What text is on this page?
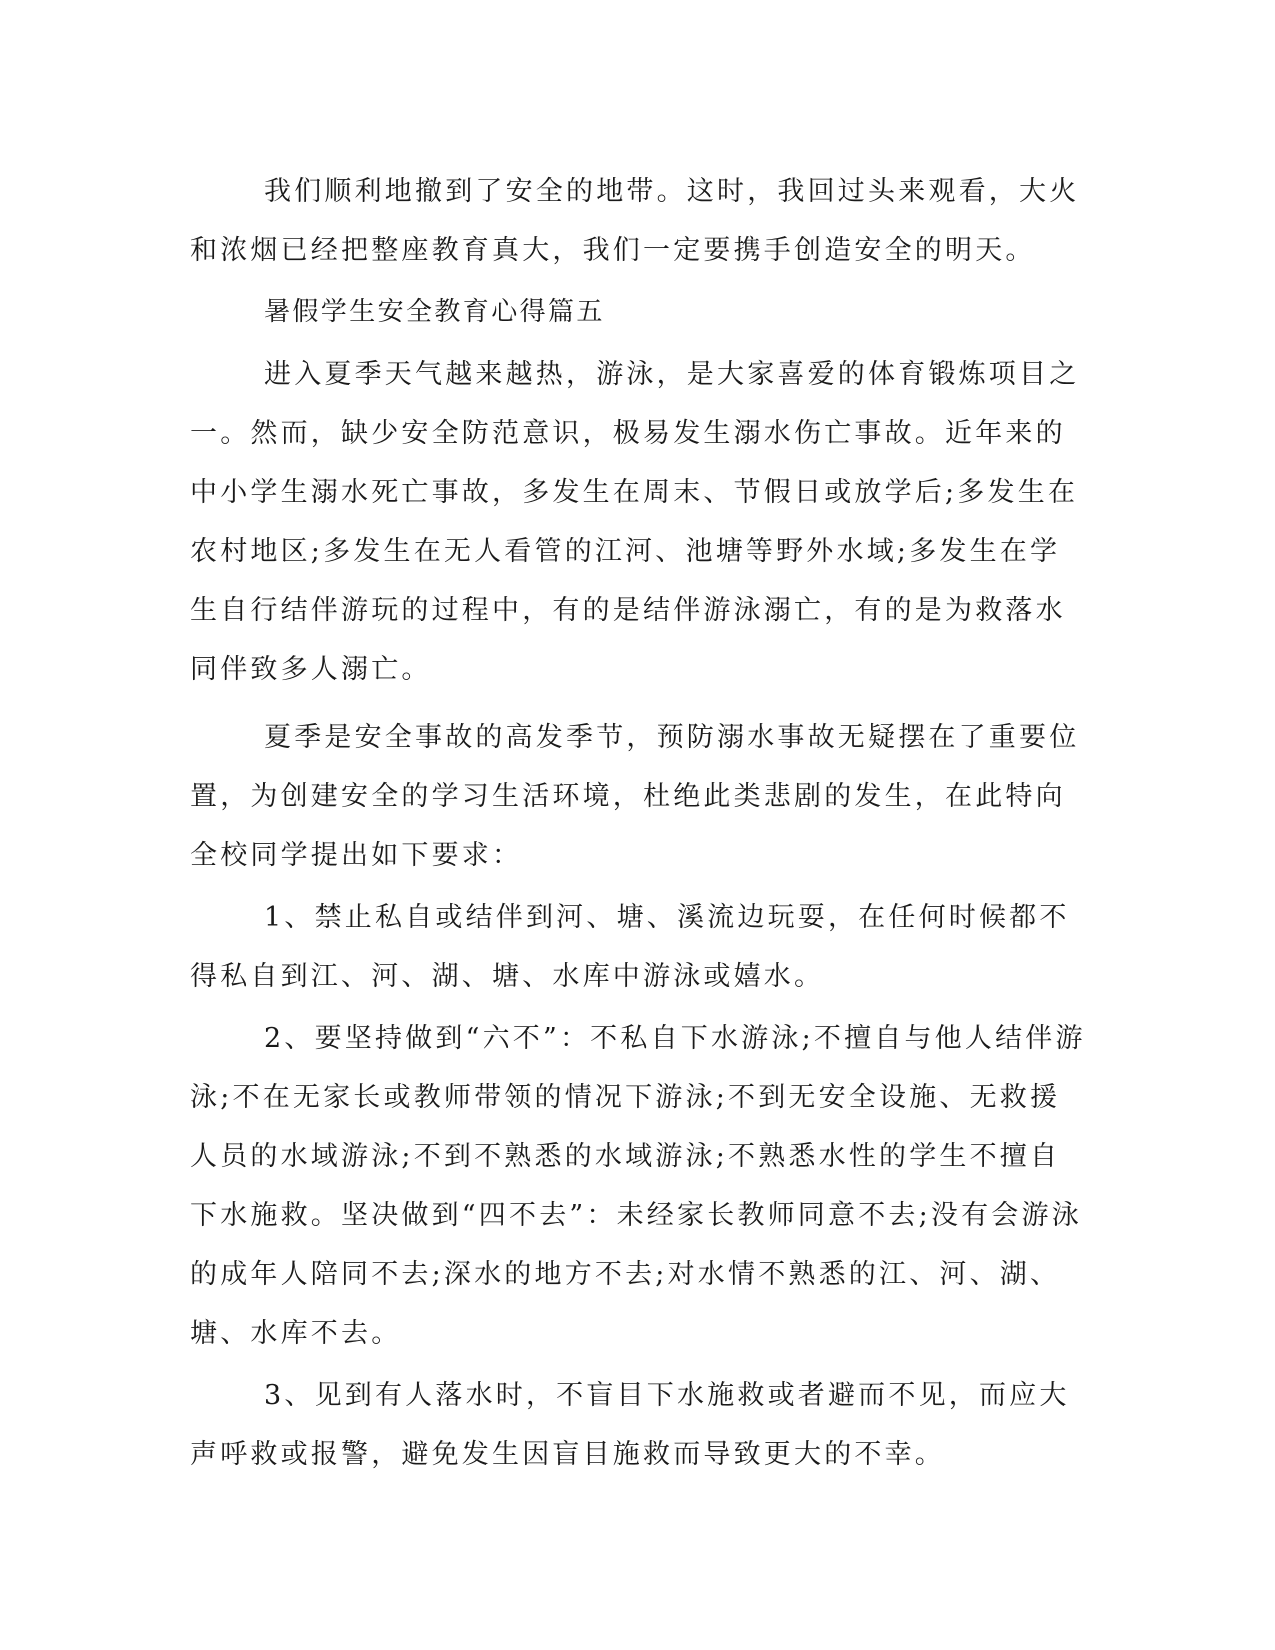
我们顺利地撤到了安全的地带。这时，我回过头来观看，大火和浓烟已经把整座教育真大，我们一定要携手创造安全的明天。

暑假学生安全教育心得篇五

进入夏季天气越来越热，游泳，是大家喜爱的体育锻炼项目之一。然而，缺少安全防范意识，极易发生溺水伤亡事故。近年来的中小学生溺水死亡事故，多发生在周末、节假日或放学后;多发生在农村地区;多发生在无人看管的江河、池塘等野外水域;多发生在学生自行结伴游玩的过程中，有的是结伴游泳溺亡，有的是为救落水同伴致多人溺亡。

夏季是安全事故的高发季节，预防溺水事故无疑摆在了重要位置，为创建安全的学习生活环境，杜绝此类悲剧的发生，在此特向全校同学提出如下要求：

1、禁止私自或结伴到河、塘、溪流边玩耍，在任何时候都不得私自到江、河、湖、塘、水库中游泳或嬉水。

2、要坚持做到“六不”：不私自下水游泳;不擅自与他人结伴游泳;不在无家长或教师带领的情况下游泳;不到无安全设施、无救援人员的水域游泳;不到不熟悉的水域游泳;不熟悉水性的学生不擅自下水施救。坚决做到“四不去”：未经家长教师同意不去;没有会游泳的成年人陪同不去;深水的地方不去;对水情不熟悉的江、河、湖、塘、水库不去。

3、见到有人落水时，不盲目下水施救或者避而不见，而应大声呼救或报警，避免发生因盲目施救而导致更大的不幸。
